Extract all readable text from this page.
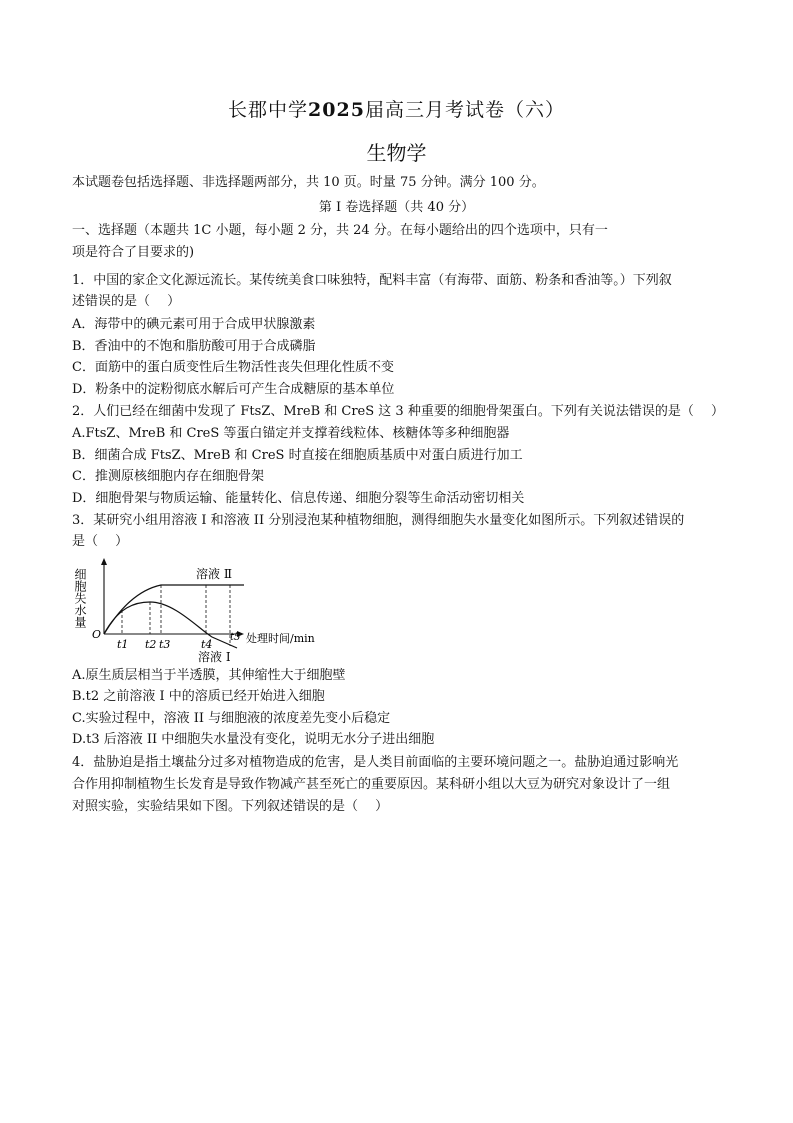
长郡中学2025届高三月考试卷（六）
生物学
本试题卷包括选择题、非选择题两部分，共 10 页。时量 75 分钟。满分 100 分。
第 I 卷选择题（共 40 分）
一、选择题（本题共 1C 小题，每小题 2 分，共 24 分。在每小题给出的四个选项中，只有一
项是符合了目要求的)
1．中国的家企文化源远流长。某传统美食口味独特，配料丰富（有海带、面筋、粉条和香油等。）下列叙
述错误的是（　 ）
A．海带中的碘元素可用于合成甲状腺激素
B．香油中的不饱和脂肪酸可用于合成磷脂
C．面筋中的蛋白质变性后生物活性丧失但理化性质不变
D．粉条中的淀粉彻底水解后可产生合成糖原的基本单位
2．人们已经在细菌中发现了 FtsZ、MreB 和 CreS 这 3 种重要的细胞骨架蛋白。下列有关说法错误的是（　 ）
A.FtsZ、MreB 和 CreS 等蛋白锚定并支撑着线粒体、核糖体等多种细胞器
B．细菌合成 FtsZ、MreB 和 CreS 时直接在细胞质基质中对蛋白质进行加工
C．推测原核细胞内存在细胞骨架
D．细胞骨架与物质运输、能量转化、信息传递、细胞分裂等生命活动密切相关
3．某研究小组用溶液 I 和溶液 II 分别浸泡某种植物细胞，测得细胞失水量变化如图所示。下列叙述错误的
是（　 ）
细胞失水量
O	处理时间/min
t1 t2 t3	t4
t5
溶液 Ⅱ
溶液 Ⅰ
A.原生质层相当于半透膜，其伸缩性大于细胞壁
B.t2 之前溶液 I 中的溶质已经开始进入细胞
C.实验过程中，溶液 II 与细胞液的浓度差先变小后稳定
D.t3 后溶液 II 中细胞失水量没有变化，说明无水分子进出细胞
4．盐胁迫是指土壤盐分过多对植物造成的危害，是人类目前面临的主要环境问题之一。盐胁迫通过影响光
合作用抑制植物生长发育是导致作物减产甚至死亡的重要原因。某科研小组以大豆为研究对象设计了一组
对照实验，实验结果如下图。下列叙述错误的是（　 ）
